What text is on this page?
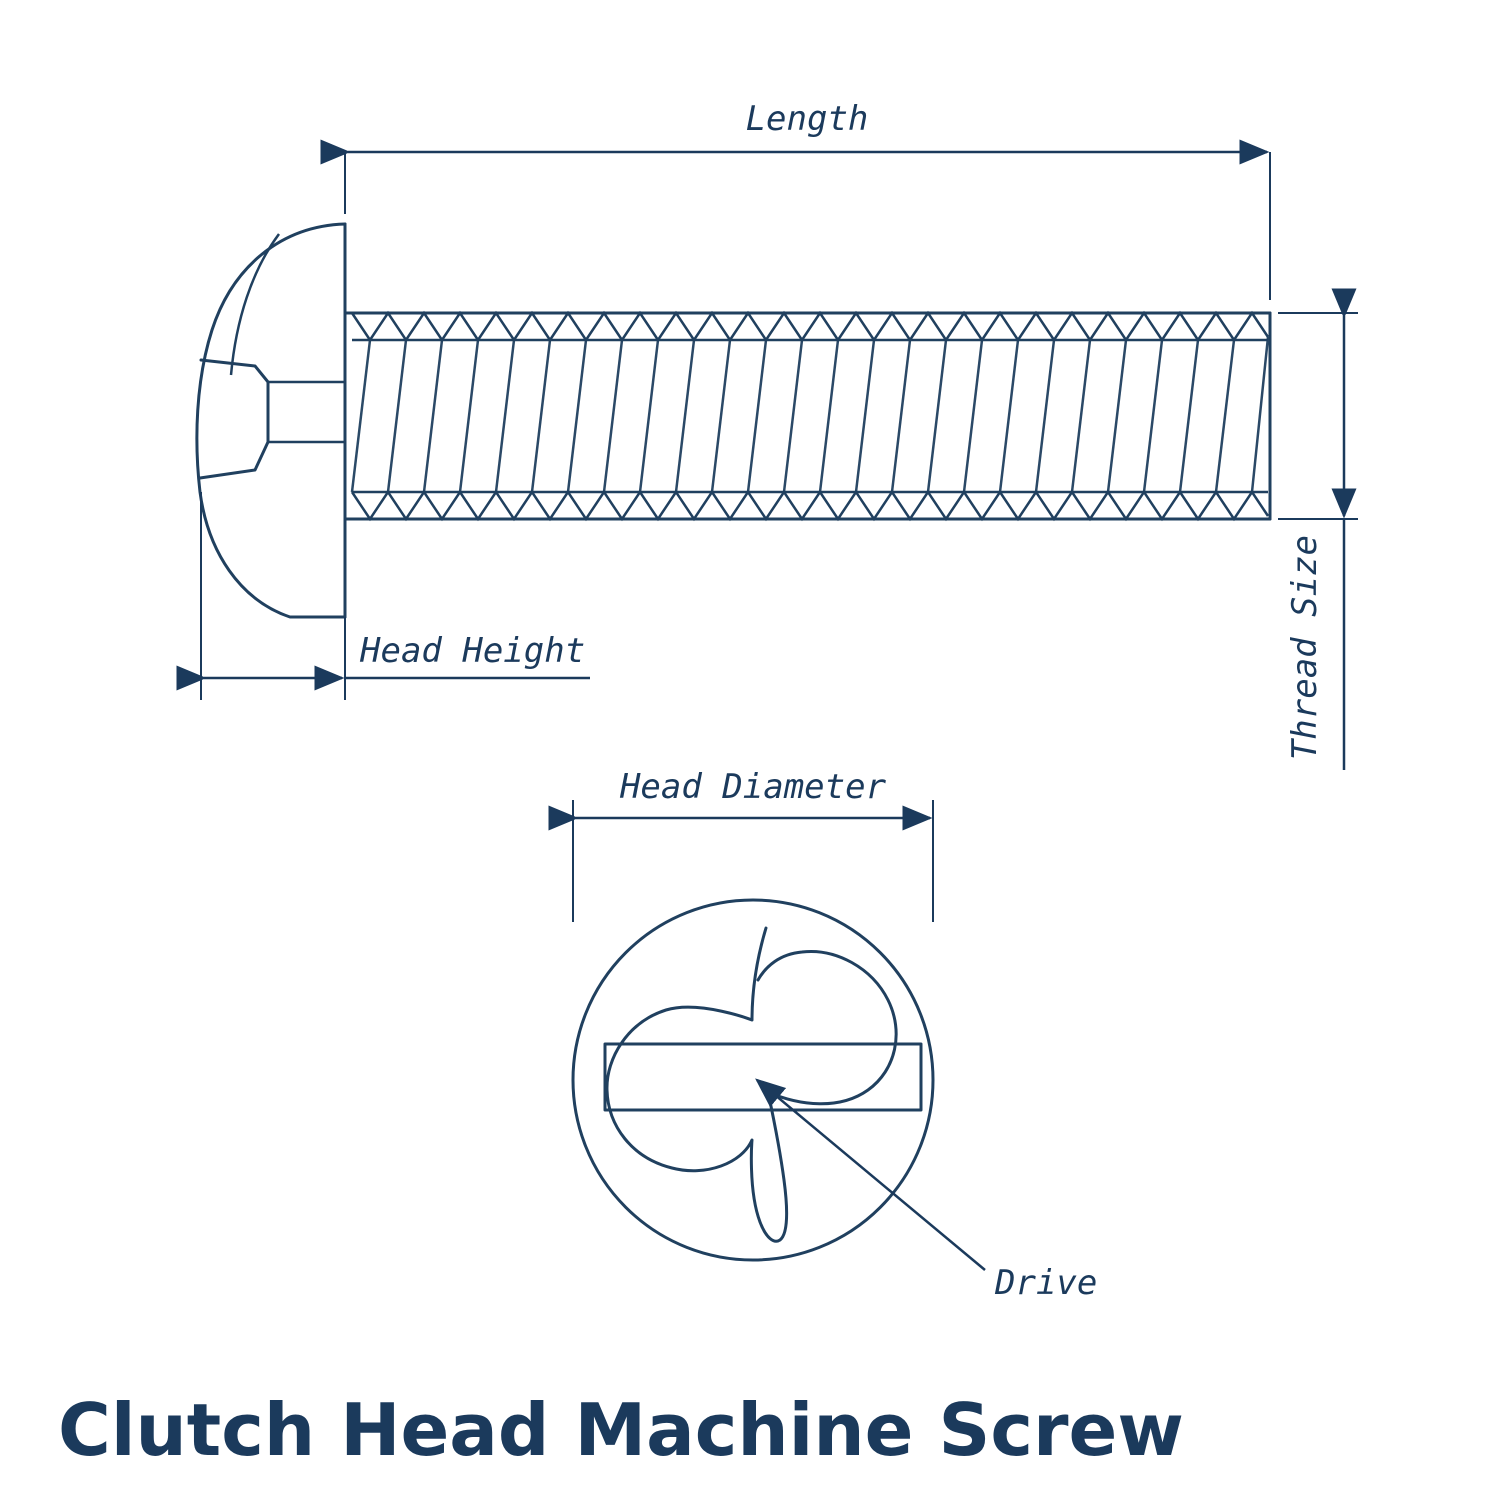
Length
Head Height	Thread Size
Head Diameter
Drive
Clutch Head Machine Screw
